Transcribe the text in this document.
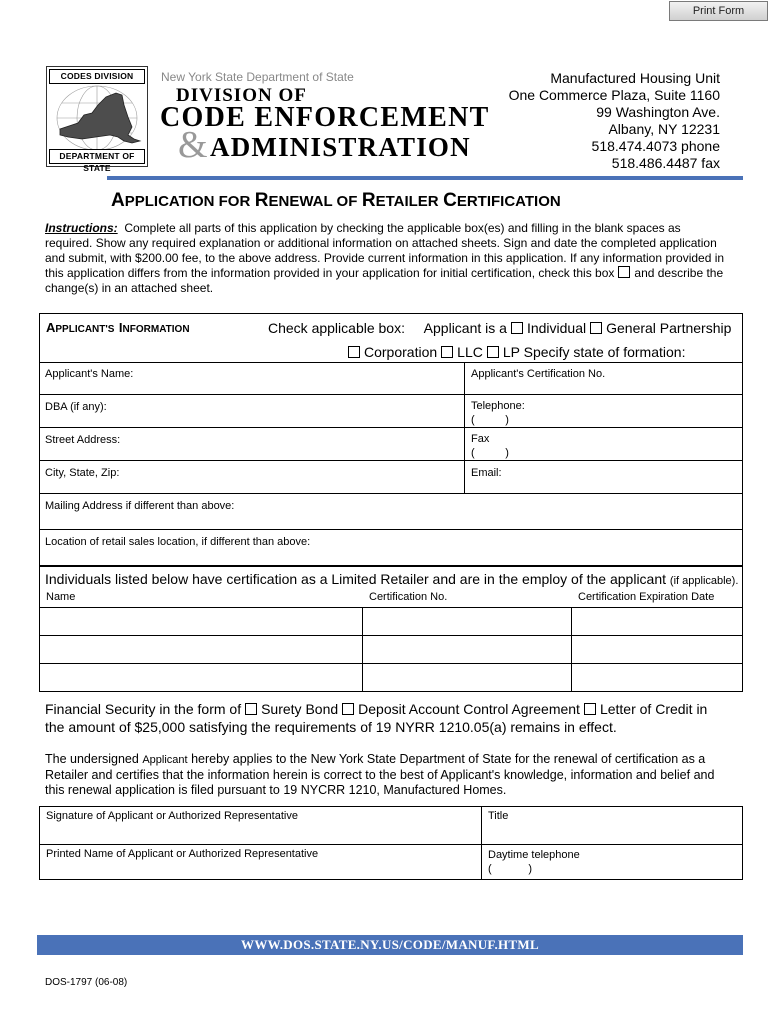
Print Form
CODES DIVISION
DEPARTMENT OF STATE
New York State Department of State
DIVISION OF
CODE ENFORCEMENT
& ADMINISTRATION
Manufactured Housing Unit
One Commerce Plaza, Suite 1160
99 Washington Ave.
Albany, NY 12231
518.474.4073 phone
518.486.4487 fax
APPLICATION FOR RENEWAL OF RETAILER CERTIFICATION
Instructions: Complete all parts of this application by checking the applicable box(es) and filling in the blank spaces as
required. Show any required explanation or additional information on attached sheets. Sign and date the completed application
and submit, with $200.00 fee, to the above address. Provide current information in this application. If any information provided in
this application differs from the information provided in your application for initial certification, check this box and describe the
change(s) in an attached sheet.
APPLICANT'S INFORMATION	Check applicable box: Applicant is a Individual General Partnership
Corporation LLC LP Specify state of formation:
Applicant's Name:	Applicant's Certification No.
DBA (if any):	Telephone:
(          )
Street Address:	Fax
(          )
City, State, Zip:	Email:
Mailing Address if different than above:
Location of retail sales location, if different than above:
Individuals listed below have certification as a Limited Retailer and are in the employ of the applicant (if applicable).
Name	Certification No.	Certification Expiration Date
Financial Security in the form of Surety Bond Deposit Account Control Agreement Letter of Credit in
the amount of $25,000 satisfying the requirements of 19 NYRR 1210.05(a) remains in effect.
The undersigned Applicant hereby applies to the New York State Department of State for the renewal of certification as a
Retailer and certifies that the information herein is correct to the best of Applicant's knowledge, information and belief and
this renewal application is filed pursuant to 19 NYCRR 1210, Manufactured Homes.
Signature of Applicant or Authorized Representative	Title
Printed Name of Applicant or Authorized Representative	Daytime telephone
(            )
WWW.DOS.STATE.NY.US/CODE/MANUF.HTML
DOS-1797 (06-08)
